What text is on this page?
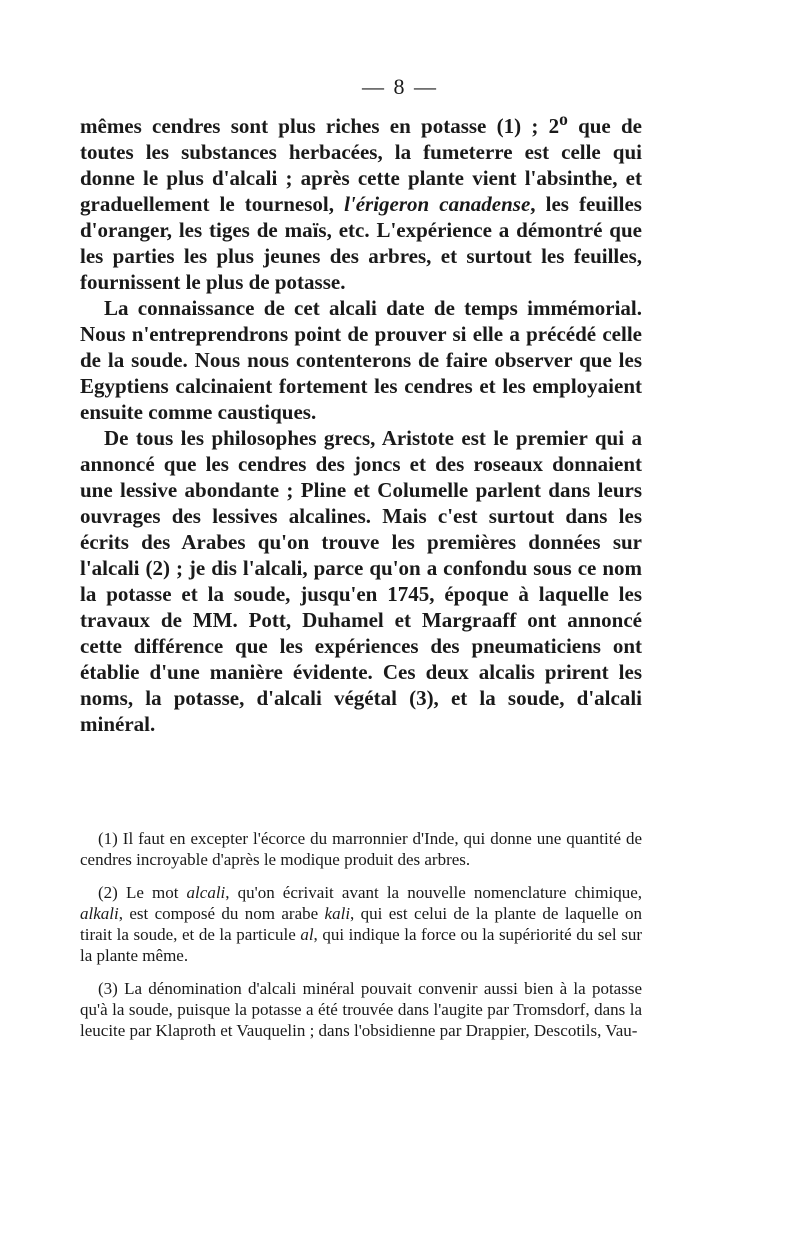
— 8 —

mêmes cendres sont plus riches en potasse (1) ; 2$^o$ que de toutes les substances herbacées, la fumeterre est celle qui donne le plus d'alcali ; après cette plante vient l'absinthe, et graduellement le tournesol, l'érigeron canadense, les feuilles d'oranger, les tiges de maïs, etc. L'expérience a démontré que les parties les plus jeunes des arbres, et surtout les feuilles, fournissent le plus de potasse.

La connaissance de cet alcali date de temps immémorial. Nous n'entreprendrons point de prouver si elle a précédé celle de la soude. Nous nous contenterons de faire observer que les Egyptiens calcinaient fortement les cendres et les employaient ensuite comme caustiques.

De tous les philosophes grecs, Aristote est le premier qui a annoncé que les cendres des joncs et des roseaux donnaient une lessive abondante ; Pline et Columelle parlent dans leurs ouvrages des lessives alcalines. Mais c'est surtout dans les écrits des Arabes qu'on trouve les premières données sur l'alcali (2) ; je dis l'alcali, parce qu'on a confondu sous ce nom la potasse et la soude, jusqu'en 1745, époque à laquelle les travaux de MM. Pott, Duhamel et Margraaff ont annoncé cette différence que les expériences des pneumaticiens ont établie d'une manière évidente. Ces deux alcalis prirent les noms, la potasse, d'alcali végétal (3), et la soude, d'alcali minéral.

(1) Il faut en excepter l'écorce du marronnier d'Inde, qui donne une quantité de cendres incroyable d'après le modique produit des arbres.

(2) Le mot alcali, qu'on écrivait avant la nouvelle nomenclature chimique, alkali, est composé du nom arabe kali, qui est celui de la plante de laquelle on tirait la soude, et de la particule al, qui indique la force ou la supériorité du sel sur la plante même.

(3) La dénomination d'alcali minéral pouvait convenir aussi bien à la potasse qu'à la soude, puisque la potasse a été trouvée dans l'augite par Tromsdorf, dans la leucite par Klaproth et Vauquelin ; dans l'obsidienne par Drappier, Descotils, Vau-
